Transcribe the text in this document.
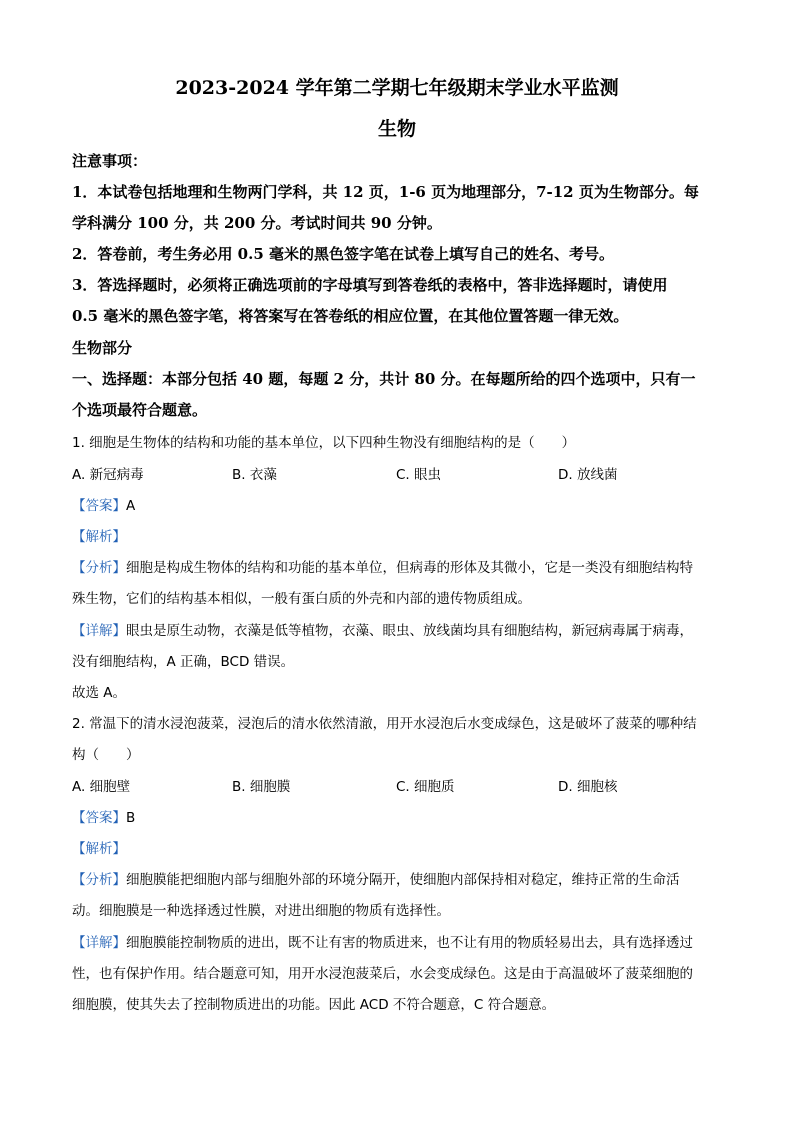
2023-2024 学年第二学期七年级期末学业水平监测
生物
注意事项：
1．本试卷包括地理和生物两门学科，共 12 页，1-6 页为地理部分，7-12 页为生物部分。每
学科满分 100 分，共 200 分。考试时间共 90 分钟。
2．答卷前，考生务必用 0.5 毫米的黑色签字笔在试卷上填写自己的姓名、考号。
3．答选择题时，必须将正确选项前的字母填写到答卷纸的表格中，答非选择题时，请使用
0.5 毫米的黑色签字笔，将答案写在答卷纸的相应位置，在其他位置答题一律无效。
生物部分
一、选择题：本部分包括 40 题，每题 2 分，共计 80 分。在每题所给的四个选项中，只有一
个选项最符合题意。
1. 细胞是生物体的结构和功能的基本单位，以下四种生物没有细胞结构的是（　　）
A. 新冠病毒	B. 衣藻	C. 眼虫	D. 放线菌
【答案】A
【解析】
【分析】细胞是构成生物体的结构和功能的基本单位，但病毒的形体及其微小，它是一类没有细胞结构特
殊生物，它们的结构基本相似，一般有蛋白质的外壳和内部的遗传物质组成。
【详解】眼虫是原生动物，衣藻是低等植物，衣藻、眼虫、放线菌均具有细胞结构，新冠病毒属于病毒，
没有细胞结构，A 正确，BCD 错误。
故选 A。
2. 常温下的清水浸泡菠菜，浸泡后的清水依然清澈，用开水浸泡后水变成绿色，这是破坏了菠菜的哪种结
构（　　）
A. 细胞壁	B. 细胞膜	C. 细胞质	D. 细胞核
【答案】B
【解析】
【分析】细胞膜能把细胞内部与细胞外部的环境分隔开，使细胞内部保持相对稳定，维持正常的生命活
动。细胞膜是一种选择透过性膜，对进出细胞的物质有选择性。
【详解】细胞膜能控制物质的进出，既不让有害的物质进来，也不让有用的物质轻易出去，具有选择透过
性，也有保护作用。结合题意可知，用开水浸泡菠菜后，水会变成绿色。这是由于高温破坏了菠菜细胞的
细胞膜，使其失去了控制物质进出的功能。因此 ACD 不符合题意，C 符合题意。
